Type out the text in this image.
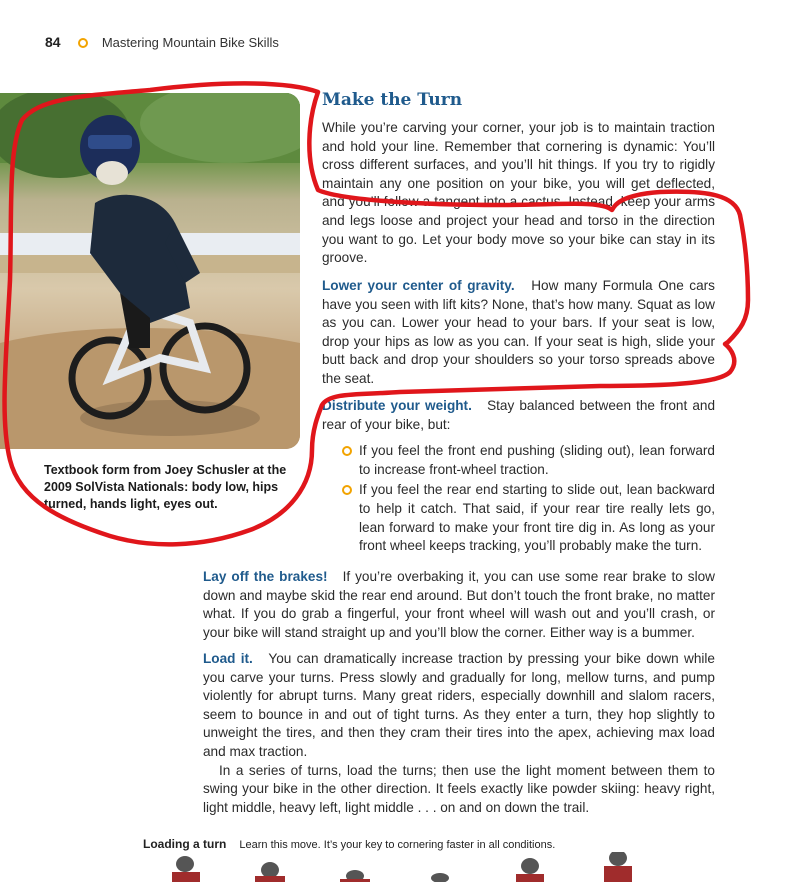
84	Mastering Mountain Bike Skills
Textbook form from Joey Schusler at the 2009 SolVista Nationals: body low, hips turned, hands light, eyes out.
Make the Turn

While you’re carving your corner, your job is to maintain traction and hold your line. Remember that cornering is dynamic: You’ll cross different surfaces, and you’ll hit things. If you try to rigidly maintain any one position on your bike, you will get deflected, and you’ll follow a tangent into a cactus. Instead, keep your arms and legs loose and project your head and torso in the direction you want to go. Let your body move so your bike can stay in its groove.

Lower your center of gravity. How many Formula One cars have you seen with lift kits? None, that’s how many. Squat as low as you can. Lower your head to your bars. If your seat is low, drop your hips as low as you can. If your seat is high, slide your butt back and drop your shoulders so your torso spreads above the seat.

Distribute your weight. Stay balanced between the front and rear of your bike, but:

If you feel the front end pushing (sliding out), lean forward to increase front-wheel traction.
If you feel the rear end starting to slide out, lean backward to help it catch. That said, if your rear tire really lets go, lean forward to make your front tire dig in. As long as your front wheel keeps tracking, you’ll probably make the turn.

Lay off the brakes! If you’re overbaking it, you can use some rear brake to slow down and maybe skid the rear end around. But don’t touch the front brake, no matter what. If you do grab a fingerful, your front wheel will wash out and you’ll crash, or your bike will stand straight up and you’ll blow the corner. Either way is a bummer.

Load it. You can dramatically increase traction by pressing your bike down while you carve your turns. Press slowly and gradually for long, mellow turns, and pump violently for abrupt turns. Many great riders, especially downhill and slalom racers, seem to bounce in and out of tight turns. As they enter a turn, they hop slightly to unweight the tires, and then they cram their tires into the apex, achieving max load and max traction.

In a series of turns, load the turns; then use the light moment between them to swing your bike in the other direction. It feels exactly like powder skiing: heavy right, light middle, heavy left, light middle . . . on and on down the trail.

Loading a turn Learn this move. It’s your key to cornering faster in all conditions.
